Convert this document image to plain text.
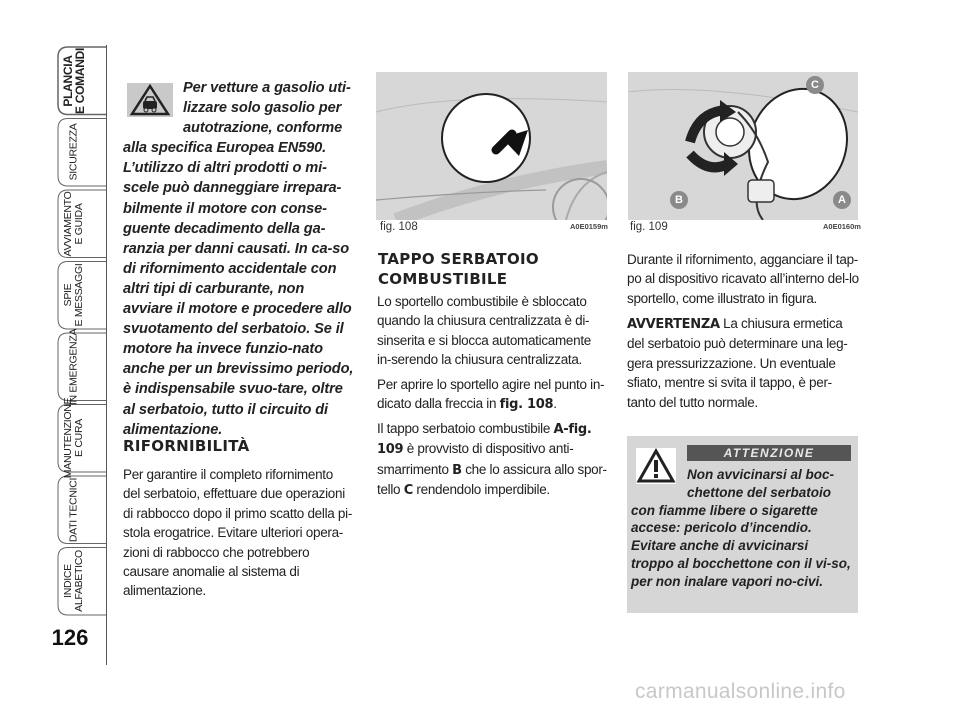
PLANCIA
E COMANDI
SICUREZZA
AVVIAMENTO E GUIDA
SPIE E MESSAGGI
IN EMERGENZA
MANUTENZIONE E CURA
DATI TECNICI
INDICE ALFABETICO
126

Per vetture a gasolio uti-lizzare solo gasolio per autotrazione, conforme alla specifica Europea EN590. L’utilizzo di altri prodotti o mi-scele può danneggiare irrepara-bilmente il motore con conse-guente decadimento della ga-ranzia per danni causati. In ca-so di rifornimento accidentale con altri tipi di carburante, non avviare il motore e procedere allo svuotamento del serbatoio. Se il motore ha invece funzio-nato anche per un brevissimo periodo, è indispensabile svuo-tare, oltre al serbatoio, tutto il circuito di alimentazione.

RIFORNIBILITÀ

Per garantire il completo rifornimento del serbatoio, effettuare due operazioni di rabbocco dopo il primo scatto della pi-stola erogatrice. Evitare ulteriori opera-zioni di rabbocco che potrebbero causare anomalie al sistema di alimentazione.

fig. 108	A0E0159m
TAPPO SERBATOIO
COMBUSTIBILE

Lo sportello combustibile è sbloccato quando la chiusura centralizzata è di-sinserita e si blocca automaticamente in-serendo la chiusura centralizzata.

Per aprire lo sportello agire nel punto in-dicato dalla freccia in fig. 108.

Il tappo serbatoio combustibile A-fig. 109 è provvisto di dispositivo anti-smarrimento B che lo assicura allo spor-tello C rendendolo imperdibile.

B	A
C
fig. 109	A0E0160m

Durante il rifornimento, agganciare il tap-po al dispositivo ricavato all’interno del-lo sportello, come illustrato in figura.

AVVERTENZA La chiusura ermetica del serbatoio può determinare una leg-gera pressurizzazione. Un eventuale sfiato, mentre si svita il tappo, è per-tanto del tutto normale.

ATTENZIONE

Non avvicinarsi al boc-chettone del serbatoio con fiamme libere o sigarette accese: pericolo d’incendio. Evitare anche di avvicinarsi troppo al bocchettone con il vi-so, per non inalare vapori no-civi.

carmanualsonline.info
